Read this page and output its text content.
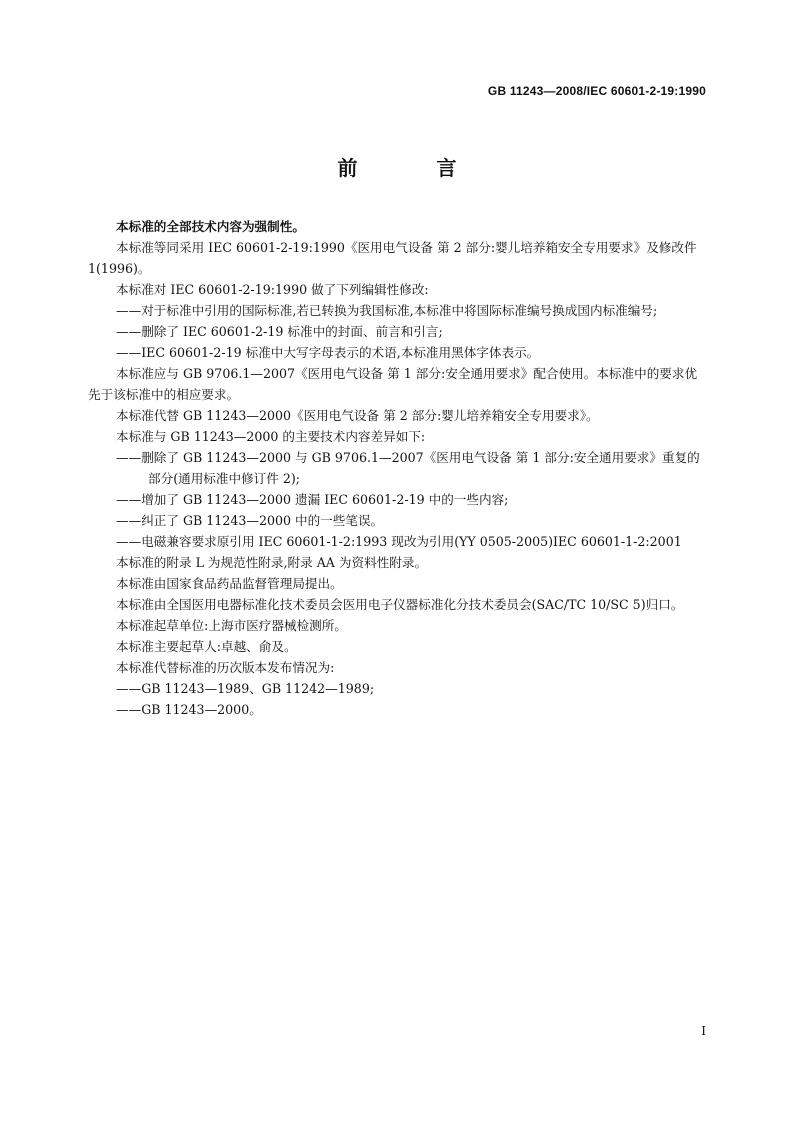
GB 11243—2008/IEC 60601-2-19:1990
前 言

本标准的全部技术内容为强制性。

本标准等同采用 IEC 60601-2-19:1990《医用电气设备 第 2 部分:婴儿培养箱安全专用要求》及修改件 1(1996)。

本标准对 IEC 60601-2-19:1990 做了下列编辑性修改:

——对于标准中引用的国际标准,若已转换为我国标准,本标准中将国际标准编号换成国内标准编号;

——删除了 IEC 60601-2-19 标准中的封面、前言和引言;

——IEC 60601-2-19 标准中大写字母表示的术语,本标准用黑体字体表示。

本标准应与 GB 9706.1—2007《医用电气设备 第 1 部分:安全通用要求》配合使用。本标准中的要求优先于该标准中的相应要求。

本标准代替 GB 11243—2000《医用电气设备 第 2 部分:婴儿培养箱安全专用要求》。

本标准与 GB 11243—2000 的主要技术内容差异如下:

——删除了 GB 11243—2000 与 GB 9706.1—2007《医用电气设备 第 1 部分:安全通用要求》重复的部分(通用标准中修订件 2);

——增加了 GB 11243—2000 遗漏 IEC 60601-2-19 中的一些内容;

——纠正了 GB 11243—2000 中的一些笔误。

——电磁兼容要求原引用 IEC 60601-1-2:1993 现改为引用(YY 0505-2005)IEC 60601-1-2:2001

本标准的附录 L 为规范性附录,附录 AA 为资料性附录。

本标准由国家食品药品监督管理局提出。

本标准由全国医用电器标准化技术委员会医用电子仪器标准化分技术委员会(SAC/TC 10/SC 5)归口。

本标准起草单位:上海市医疗器械检测所。

本标准主要起草人:卓越、俞及。

本标准代替标准的历次版本发布情况为:

——GB 11243—1989、GB 11242—1989;

——GB 11243—2000。

I
